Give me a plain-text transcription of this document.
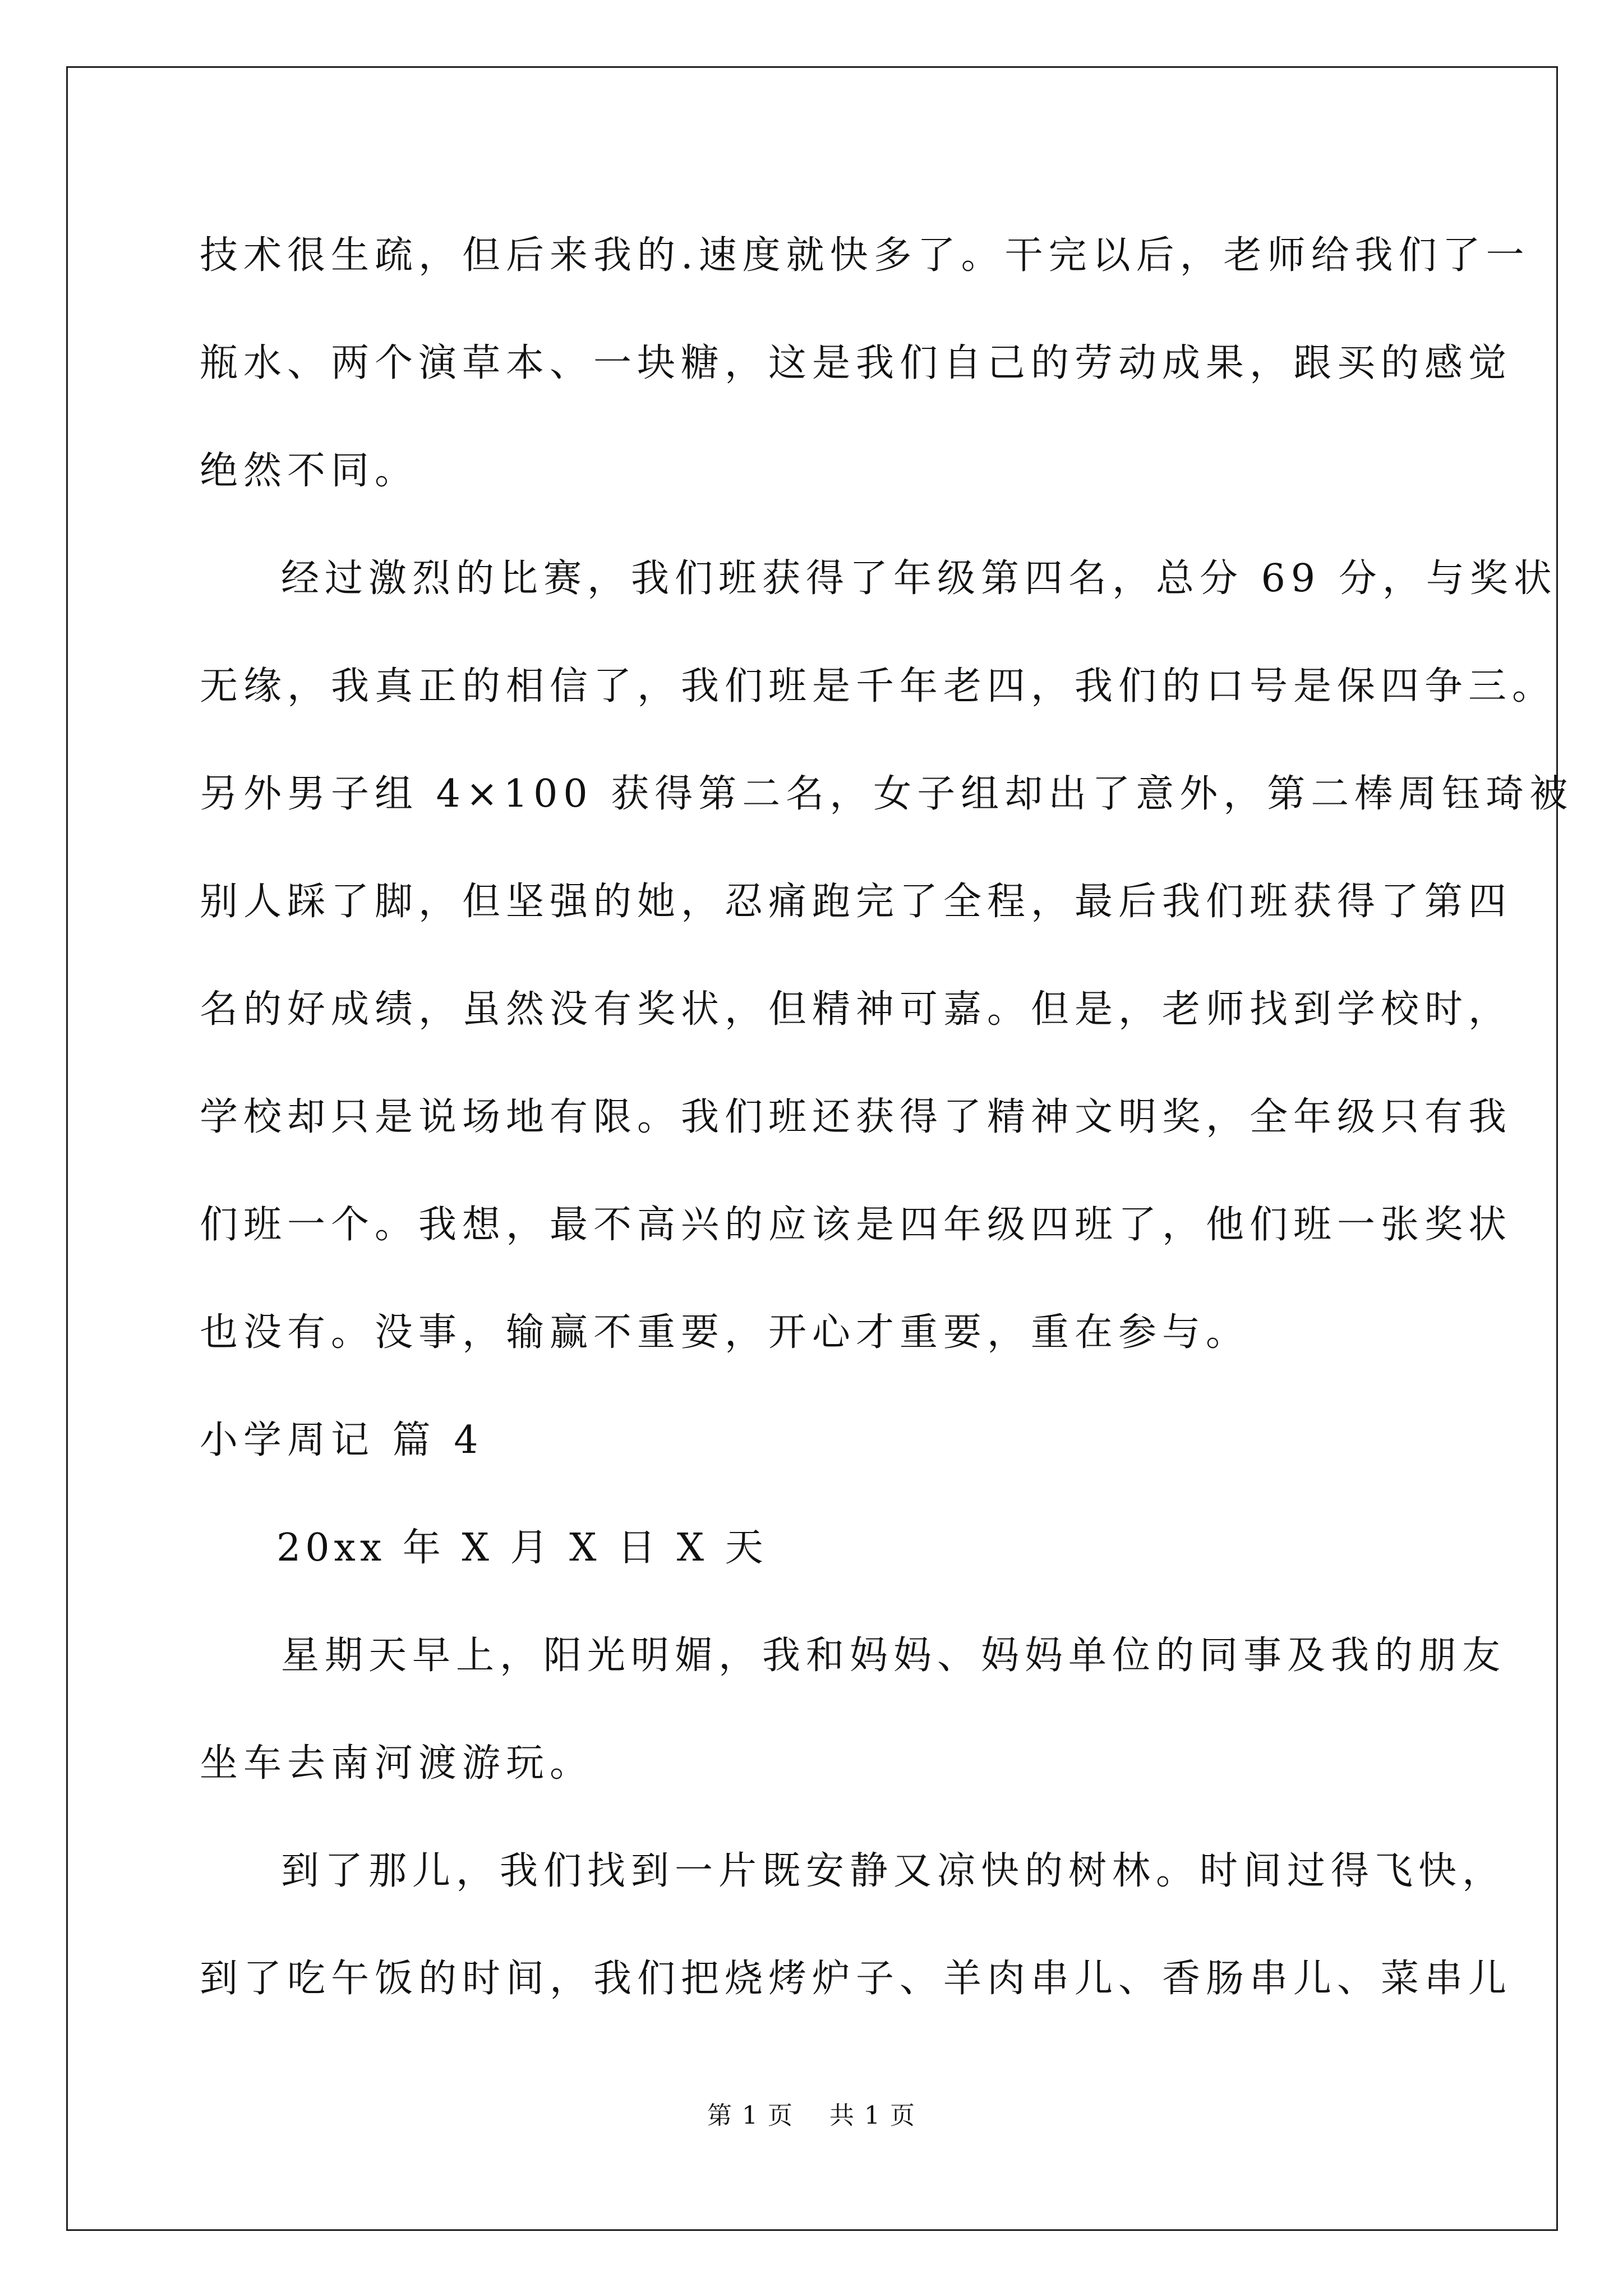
技术很生疏，但后来我的.速度就快多了。干完以后，老师给我们了一
瓶水、两个演草本、一块糖，这是我们自己的劳动成果，跟买的感觉
绝然不同。
经过激烈的比赛，我们班获得了年级第四名，总分 69 分，与奖状
无缘，我真正的相信了，我们班是千年老四，我们的口号是保四争三。
另外男子组 4×100 获得第二名，女子组却出了意外，第二棒周钰琦被
别人踩了脚，但坚强的她，忍痛跑完了全程，最后我们班获得了第四
名的好成绩，虽然没有奖状，但精神可嘉。但是，老师找到学校时，
学校却只是说场地有限。我们班还获得了精神文明奖，全年级只有我
们班一个。我想，最不高兴的应该是四年级四班了，他们班一张奖状
也没有。没事，输赢不重要，开心才重要，重在参与。
小学周记 篇 4
20xx 年 X 月 X 日 X 天
星期天早上，阳光明媚，我和妈妈、妈妈单位的同事及我的朋友
坐车去南河渡游玩。
到了那儿，我们找到一片既安静又凉快的树林。时间过得飞快，
到了吃午饭的时间，我们把烧烤炉子、羊肉串儿、香肠串儿、菜串儿
第 1 页 共 1 页
